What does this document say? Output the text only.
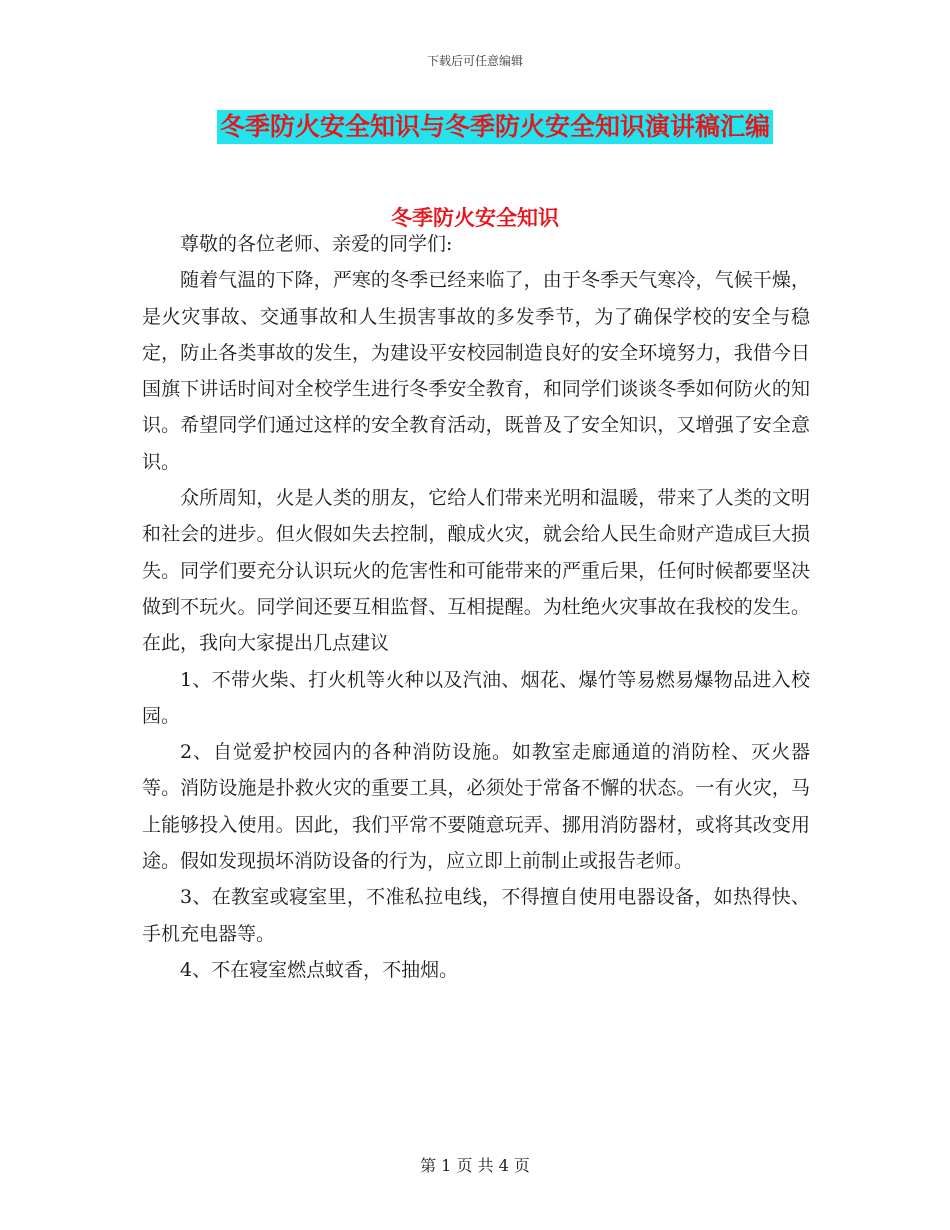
下载后可任意编辑
冬季防火安全知识与冬季防火安全知识演讲稿汇编
冬季防火安全知识

尊敬的各位老师、亲爱的同学们:

随着气温的下降，严寒的冬季已经来临了，由于冬季天气寒冷，气候干燥，是火灾事故、交通事故和人生损害事故的多发季节，为了确保学校的安全与稳定，防止各类事故的发生，为建设平安校园制造良好的安全环境努力，我借今日国旗下讲话时间对全校学生进行冬季安全教育，和同学们谈谈冬季如何防火的知识。希望同学们通过这样的安全教育活动，既普及了安全知识，又增强了安全意识。

众所周知，火是人类的朋友，它给人们带来光明和温暖，带来了人类的文明和社会的进步。但火假如失去控制，酿成火灾，就会给人民生命财产造成巨大损失。同学们要充分认识玩火的危害性和可能带来的严重后果，任何时候都要坚决做到不玩火。同学间还要互相监督、互相提醒。为杜绝火灾事故在我校的发生。在此，我向大家提出几点建议

1、不带火柴、打火机等火种以及汽油、烟花、爆竹等易燃易爆物品进入校园。

2、自觉爱护校园内的各种消防设施。如教室走廊通道的消防栓、灭火器等。消防设施是扑救火灾的重要工具，必须处于常备不懈的状态。一有火灾，马上能够投入使用。因此，我们平常不要随意玩弄、挪用消防器材，或将其改变用途。假如发现损坏消防设备的行为，应立即上前制止或报告老师。

3、在教室或寝室里，不准私拉电线，不得擅自使用电器设备，如热得快、手机充电器等。

4、不在寝室燃点蚊香，不抽烟。

第 1 页 共 4 页
